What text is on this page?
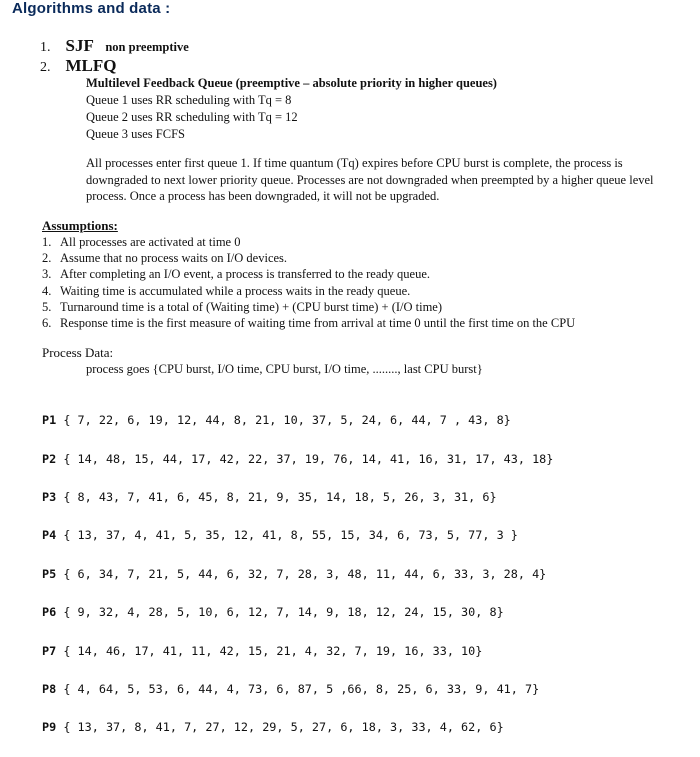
Algorithms and data :
1. SJF non preemptive
2. MLFQ
Multilevel Feedback Queue (preemptive – absolute priority in higher queues)
Queue 1 uses RR scheduling with Tq = 8
Queue 2 uses RR scheduling with Tq = 12
Queue 3 uses FCFS
All processes enter first queue 1. If time quantum (Tq) expires before CPU burst is complete, the process is downgraded to next lower priority queue. Processes are not downgraded when preempted by a higher queue level process. Once a process has been downgraded, it will not be upgraded.
Assumptions:
1. All processes are activated at time 0
2. Assume that no process waits on I/O devices.
3. After completing an I/O event, a process is transferred to the ready queue.
4. Waiting time is accumulated while a process waits in the ready queue.
5. Turnaround time is a total of (Waiting time) + (CPU burst time) + (I/O time)
6. Response time is the first measure of waiting time from arrival at time 0 until the first time on the CPU
Process Data:
process goes {CPU burst, I/O time, CPU burst, I/O time, ........, last CPU burst}

P1 { 7, 22, 6, 19, 12, 44, 8, 21, 10, 37, 5, 24, 6, 44, 7 , 43, 8}

P2 { 14, 48, 15, 44, 17, 42, 22, 37, 19, 76, 14, 41, 16, 31, 17, 43, 18}

P3 { 8, 43, 7, 41, 6, 45, 8, 21, 9, 35, 14, 18, 5, 26, 3, 31, 6}

P4 { 13, 37, 4, 41, 5, 35, 12, 41, 8, 55, 15, 34, 6, 73, 5, 77, 3 }

P5 { 6, 34, 7, 21, 5, 44, 6, 32, 7, 28, 3, 48, 11, 44, 6, 33, 3, 28, 4}

P6 { 9, 32, 4, 28, 5, 10, 6, 12, 7, 14, 9, 18, 12, 24, 15, 30, 8}

P7 { 14, 46, 17, 41, 11, 42, 15, 21, 4, 32, 7, 19, 16, 33, 10}

P8 { 4, 64, 5, 53, 6, 44, 4, 73, 6, 87, 5 ,66, 8, 25, 6, 33, 9, 41, 7}

P9 { 13, 37, 8, 41, 7, 27, 12, 29, 5, 27, 6, 18, 3, 33, 4, 62, 6}
